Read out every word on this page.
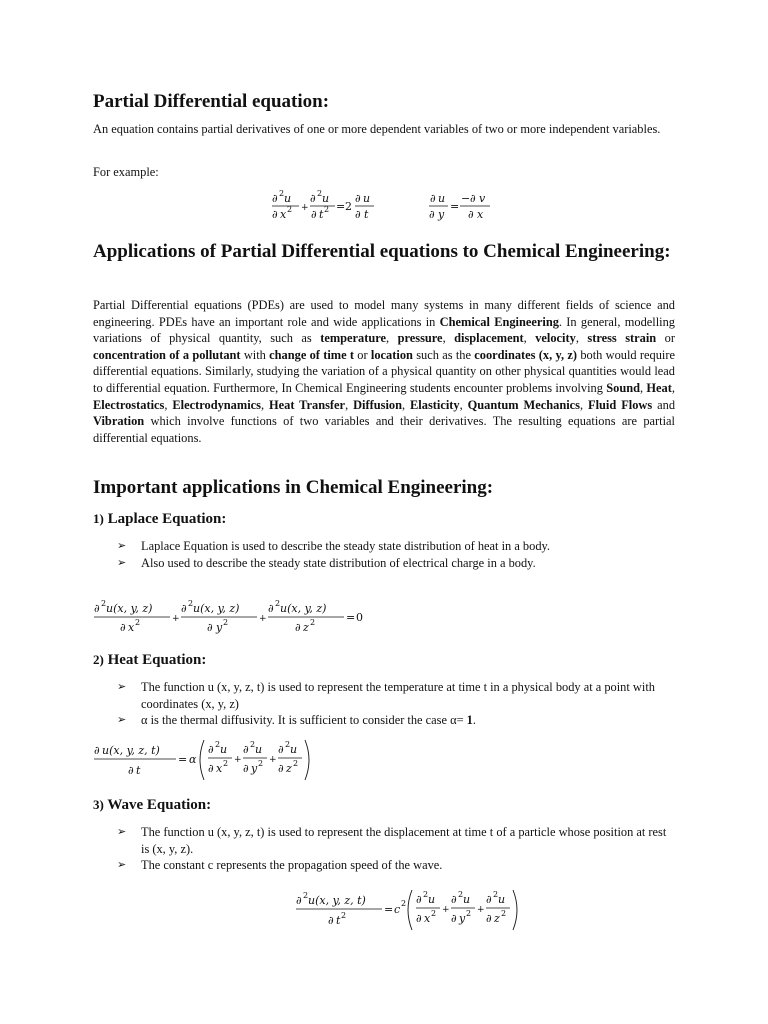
Partial Differential equation:

An equation contains partial derivatives of one or more dependent variables of two or more independent variables.

For example:

∂ 2 u
∂ x 2 +
∂ 2 u
∂ t 2 = 2
∂ u
∂ t
∂ u
∂ y
=
− ∂ v
∂ x
Applications of Partial Differential equations to Chemical Engineering:

Partial Differential equations (PDEs) are used to model many systems in many different fields of science and engineering. PDEs have an important role and wide applications in Chemical Engineering. In general, modelling variations of physical quantity, such as temperature, pressure, displacement, velocity, stress strain or concentration of a pollutant with change of time t or location such as the coordinates (x, y, z) both would require differential equations. Similarly, studying the variation of a physical quantity on other physical quantities would lead to differential equation. Furthermore, In Chemical Engineering students encounter problems involving Sound, Heat, Electrostatics, Electrodynamics, Heat Transfer, Diffusion, Elasticity, Quantum Mechanics, Fluid Flows and Vibration which involve functions of two variables and their derivatives. The resulting equations are partial differential equations.

Important applications in Chemical Engineering:
1) Laplace Equation:
➢ Laplace Equation is used to describe the steady state distribution of heat in a body.
➢ Also used to describe the steady state distribution of electrical charge in a body.
∂ 2 u(x, y, z)
∂ x 2	+
∂ 2 u(x, y, z)
∂ y 2	+
∂ 2 u(x, y, z)
∂ z 2	= 0
2) Heat Equation:
➢ The function u (x, y, z, t) is used to represent the temperature at time t in a physical body at a point with coordinates (x, y, z)
➢ α is the thermal diffusivity. It is sufficient to consider the case α= 1.
∂ u(x, y, z, t)
∂ t
= α
∂ 2 u
∂ x 2 +
∂ 2 u
∂ y 2 +
∂ 2 u
∂ z 2
3) Wave Equation:
➢ The function u (x, y, z, t) is used to represent the displacement at time t of a particle whose position at rest is (x, y, z).
➢ The constant c represents the propagation speed of the wave.
∂ 2 u(x, y, z, t)
∂ t 2	= c 2 ∂ 2 u
∂ x 2 +
∂ 2 u
∂ y 2 +
∂ 2 u
∂ z 2
